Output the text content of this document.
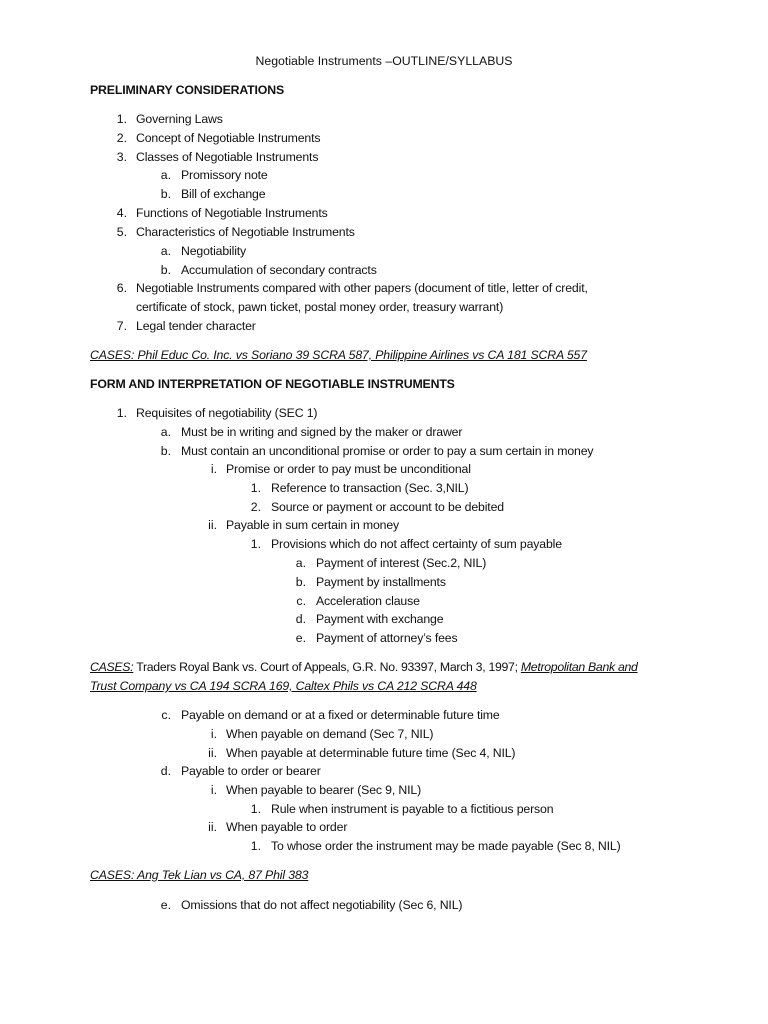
Negotiable Instruments –OUTLINE/SYLLABUS
PRELIMINARY CONSIDERATIONS
1. Governing Laws
2. Concept of Negotiable Instruments
3. Classes of Negotiable Instruments
a. Promissory note
b. Bill of exchange
4. Functions of Negotiable Instruments
5. Characteristics of Negotiable Instruments
a. Negotiability
b. Accumulation of secondary contracts
6. Negotiable Instruments compared with other papers (document of title, letter of credit,
certificate of stock, pawn ticket, postal money order, treasury warrant)
7. Legal tender character
CASES: Phil Educ Co. Inc. vs Soriano 39 SCRA 587, Philippine Airlines vs CA 181 SCRA 557
FORM AND INTERPRETATION OF NEGOTIABLE INSTRUMENTS
1. Requisites of negotiability (SEC 1)
a. Must be in writing and signed by the maker or drawer
b. Must contain an unconditional promise or order to pay a sum certain in money
i. Promise or order to pay must be unconditional
1. Reference to transaction (Sec. 3,NIL)
2. Source or payment or account to be debited
ii. Payable in sum certain in money
1. Provisions which do not affect certainty of sum payable
a. Payment of interest (Sec.2, NIL)
b. Payment by installments
c. Acceleration clause
d. Payment with exchange
e. Payment of attorney’s fees
CASES: Traders Royal Bank vs. Court of Appeals, G.R. No. 93397, March 3, 1997; Metropolitan Bank and
Trust Company vs CA 194 SCRA 169, Caltex Phils vs CA 212 SCRA 448
c. Payable on demand or at a fixed or determinable future time
i. When payable on demand (Sec 7, NIL)
ii. When payable at determinable future time (Sec 4, NIL)
d. Payable to order or bearer
i. When payable to bearer (Sec 9, NIL)
1. Rule when instrument is payable to a fictitious person
ii. When payable to order
1. To whose order the instrument may be made payable (Sec 8, NIL)
CASES: Ang Tek Lian vs CA, 87 Phil 383
e. Omissions that do not affect negotiability (Sec 6, NIL)
